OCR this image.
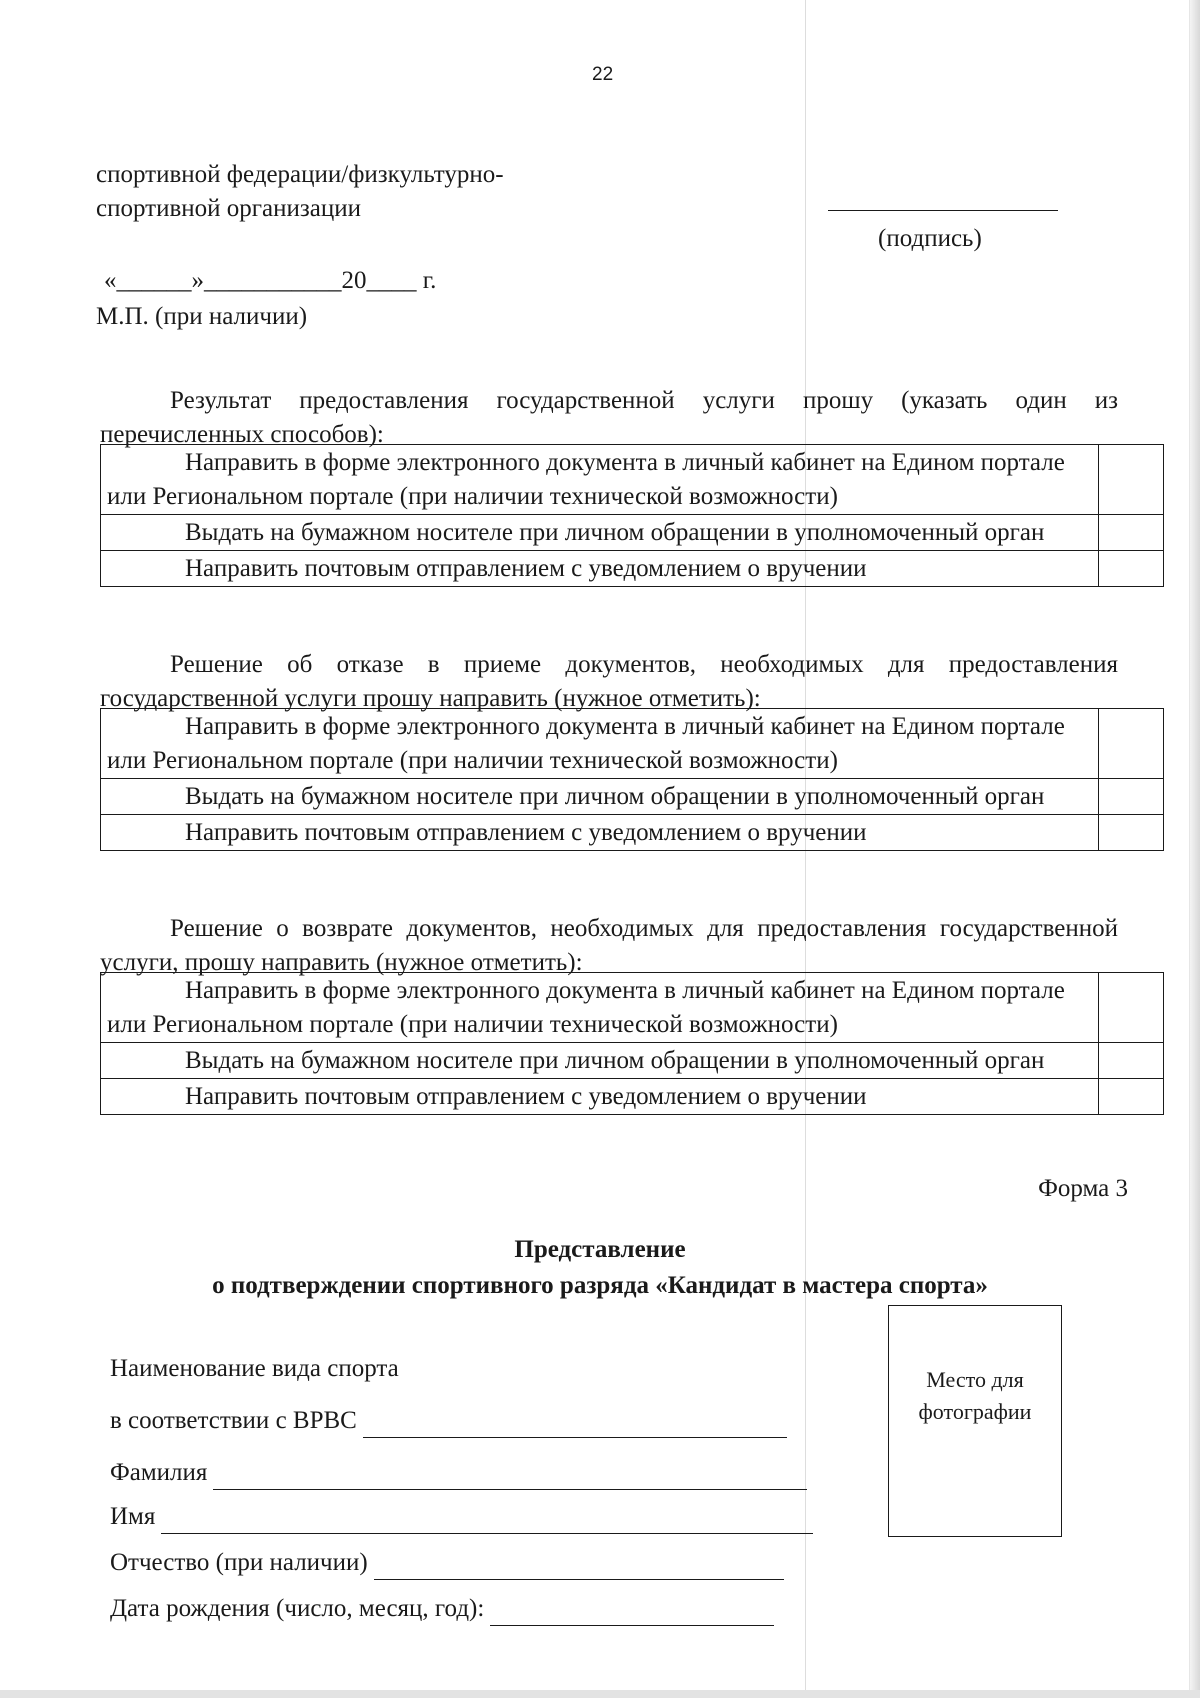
22
спортивной федерации/физкультурно-
спортивной организации
(подпись)
«______»___________20____ г.
М.П. (при наличии)
Результат предоставления государственной услуги прошу (указать один из перечисленных способов):
Направить в форме электронного документа в личный кабинет на Едином портале или Региональном портале (при наличии технической возможности)	
Выдать на бумажном носителе при личном обращении в уполномоченный орган	
Направить почтовым отправлением с уведомлением о вручении	
Решение об отказе в приеме документов, необходимых для предоставления государственной услуги прошу направить (нужное отметить):
Направить в форме электронного документа в личный кабинет на Едином портале или Региональном портале (при наличии технической возможности)	
Выдать на бумажном носителе при личном обращении в уполномоченный орган	
Направить почтовым отправлением с уведомлением о вручении	
Решение о возврате документов, необходимых для предоставления государственной услуги, прошу направить (нужное отметить):
Направить в форме электронного документа в личный кабинет на Едином портале или Региональном портале (при наличии технической возможности)	
Выдать на бумажном носителе при личном обращении в уполномоченный орган	
Направить почтовым отправлением с уведомлением о вручении	
Форма 3
Представление
о подтверждении спортивного разряда «Кандидат в мастера спорта»
Место для фотографии
Наименование вида спорта
в соответствии с ВРВС
Фамилия
Имя
Отчество (при наличии)
Дата рождения (число, месяц, год):
